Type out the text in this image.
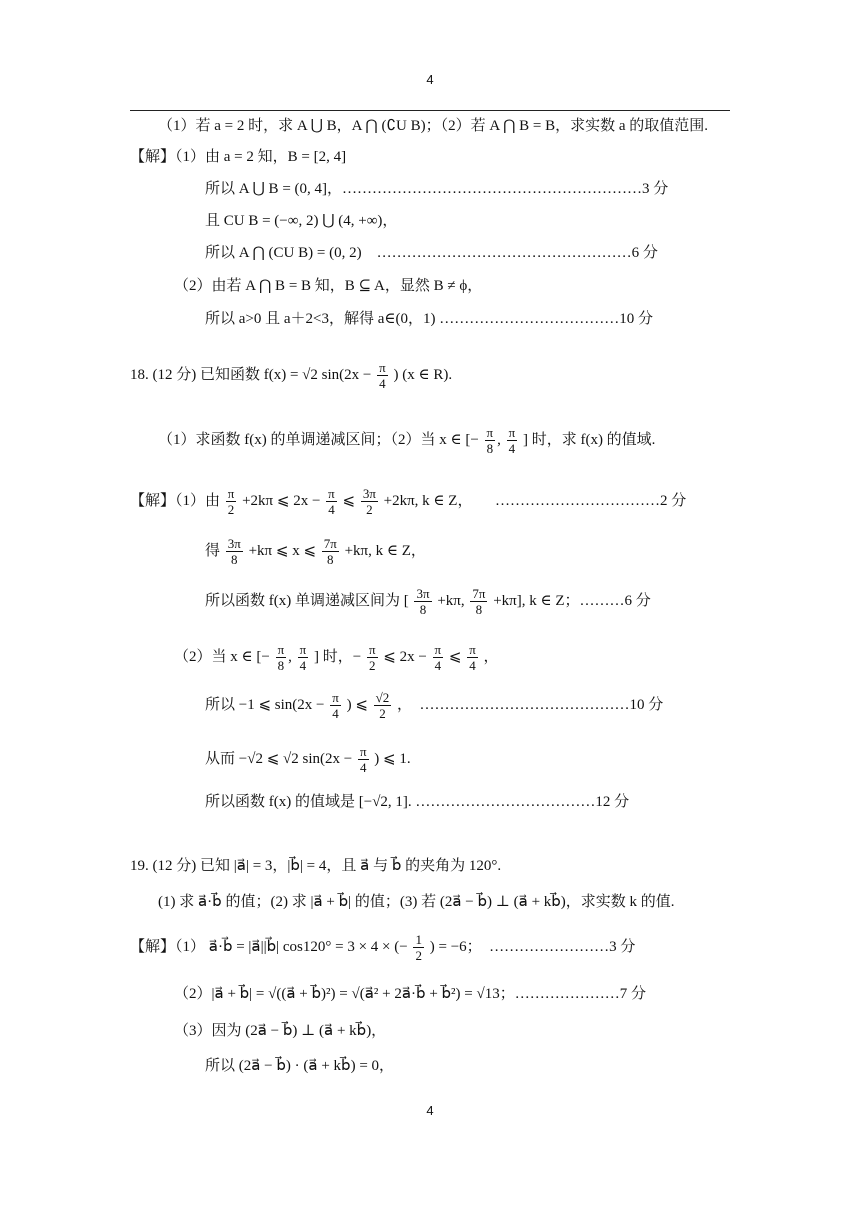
4
（1）若 a = 2 时，求 A ⋃ B，A ⋂ (∁U B)；（2）若 A ⋂ B = B，求实数 a 的取值范围.
【解】（1）由 a = 2 知，B = [2, 4]
所以 A ⋃ B = (0, 4]，……………………………………………………3 分
且 CU B = (−∞, 2) ⋃ (4, +∞)，
所以 A ⋂ (CU B) = (0, 2)　……………………………………………6 分
（2）由若 A ⋂ B = B 知，B ⊆ A，显然 B ≠ ϕ，
所以 a>0 且 a＋2<3，解得 a∈(0，1) ………………………………10 分
18. (12 分) 已知函数 f(x) = √2 $\sin(2x - \frac{\pi}{4}$ ) (x ∈ R).
（1）求函数 f(x) 的单调递减区间；（2）当 x ∈ [− $\frac{\pi}{8}$ , $\frac{\pi}{4}$ ] 时，求 f(x) 的值域.
【解】（1）由 $\frac{\pi}{2} +2k\pi$ ⩽ $2x - \frac{\pi}{4}$ ⩽ $\frac{3\pi}{2} +2k\pi$, k ∈ Z，　　……………………………2 分
得 $\frac{3\pi}{8} +k\pi$ ⩽ x ⩽ $\frac{7\pi}{8} +k\pi$, k ∈ Z，
所以函数 f(x) 单调递减区间为 [ $\frac{3\pi}{8} +k\pi$, $\frac{7\pi}{8} +k\pi$], k ∈ Z；………6 分
（2）当 x ∈ [− $\frac{\pi}{8}$ , $\frac{\pi}{4}$ ] 时，− $\frac{\pi}{2}$ ⩽ $2x - \frac{\pi}{4}$ ⩽ $\frac{\pi}{4}$ ，
所以 −1 ⩽ $\sin(2x - \frac{\pi}{4}$ ) ⩽ $\frac{√2}{2}$ ，　……………………………………10 分
从而 −√2 ⩽ √2 $\sin(2x - \frac{\pi}{4}$ ) ⩽ 1.
所以函数 f(x) 的值域是 [−√2, 1]. ………………………………12 分
19. (12 分) 已知 |a⃗| = 3，|b⃗| = 4，且 a⃗ 与 b⃗ 的夹角为 120°.
(1) 求 a⃗·b⃗ 的值；(2) 求 |a⃗ + b⃗| 的值；(3) 若 (2a⃗ − b⃗) ⊥ (a⃗ + kb⃗)，求实数 k 的值.
【解】（1） a⃗·b⃗ = |a⃗||b⃗| cos120° = 3 × 4 × (− $\frac{1}{2}$ ) = −6；　……………………3 分
（2）|a⃗ + b⃗| = √((a⃗ + b⃗)²) = √(a⃗² + 2a⃗·b⃗ + b⃗²) = √13；…………………7 分
（3）因为 (2a⃗ − b⃗) ⊥ (a⃗ + kb⃗)，
所以 (2a⃗ − b⃗) · (a⃗ + kb⃗) = 0，
4
